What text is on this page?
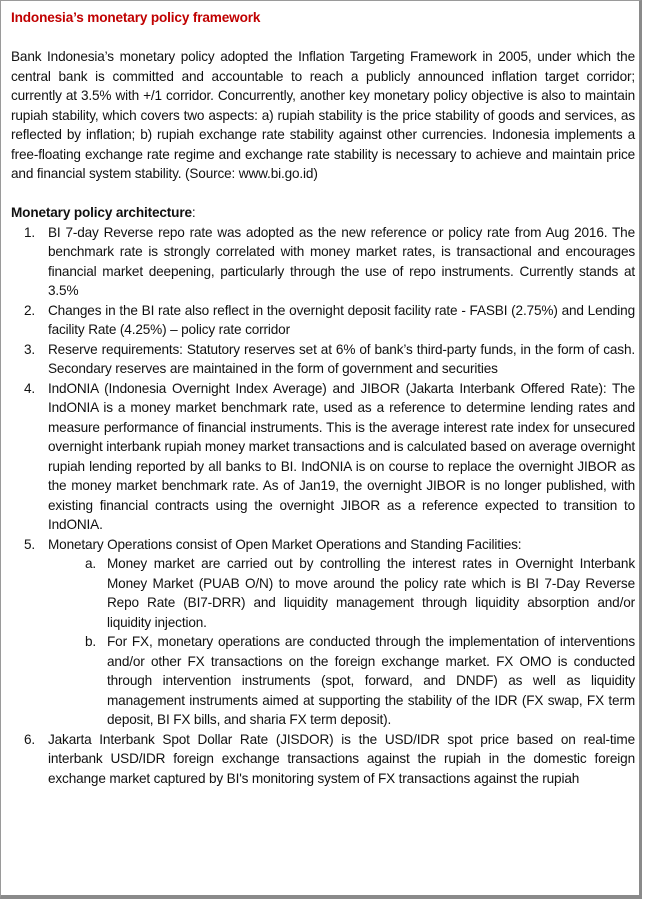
Indonesia’s monetary policy framework

Bank Indonesia’s monetary policy adopted the Inflation Targeting Framework in 2005, under which the central bank is committed and accountable to reach a publicly announced inflation target corridor; currently at 3.5% with +/1 corridor. Concurrently, another key monetary policy objective is also to maintain rupiah stability, which covers two aspects: a) rupiah stability is the price stability of goods and services, as reflected by inflation; b) rupiah exchange rate stability against other currencies. Indonesia implements a free-floating exchange rate regime and exchange rate stability is necessary to achieve and maintain price and financial system stability. (Source: www.bi.go.id)

Monetary policy architecture:

1. BI 7-day Reverse repo rate was adopted as the new reference or policy rate from Aug 2016. The benchmark rate is strongly correlated with money market rates, is transactional and encourages financial market deepening, particularly through the use of repo instruments. Currently stands at 3.5%
2. Changes in the BI rate also reflect in the overnight deposit facility rate - FASBI (2.75%) and Lending facility Rate (4.25%) – policy rate corridor
3. Reserve requirements: Statutory reserves set at 6% of bank’s third-party funds, in the form of cash. Secondary reserves are maintained in the form of government and securities
4. IndONIA (Indonesia Overnight Index Average) and JIBOR (Jakarta Interbank Offered Rate): The IndONIA is a money market benchmark rate, used as a reference to determine lending rates and measure performance of financial instruments. This is the average interest rate index for unsecured overnight interbank rupiah money market transactions and is calculated based on average overnight rupiah lending reported by all banks to BI. IndONIA is on course to replace the overnight JIBOR as the money market benchmark rate. As of Jan19, the overnight JIBOR is no longer published, with existing financial contracts using the overnight JIBOR as a reference expected to transition to IndONIA.
5. Monetary Operations consist of Open Market Operations and Standing Facilities:
a. Money market are carried out by controlling the interest rates in Overnight Interbank Money Market (PUAB O/N) to move around the policy rate which is BI 7-Day Reverse Repo Rate (BI7-DRR) and liquidity management through liquidity absorption and/or liquidity injection.
b. For FX, monetary operations are conducted through the implementation of interventions and/or other FX transactions on the foreign exchange market. FX OMO is conducted through intervention instruments (spot, forward, and DNDF) as well as liquidity management instruments aimed at supporting the stability of the IDR (FX swap, FX term deposit, BI FX bills, and sharia FX term deposit).
6. Jakarta Interbank Spot Dollar Rate (JISDOR) is the USD/IDR spot price based on real-time interbank USD/IDR foreign exchange transactions against the rupiah in the domestic foreign exchange market captured by BI's monitoring system of FX transactions against the rupiah
